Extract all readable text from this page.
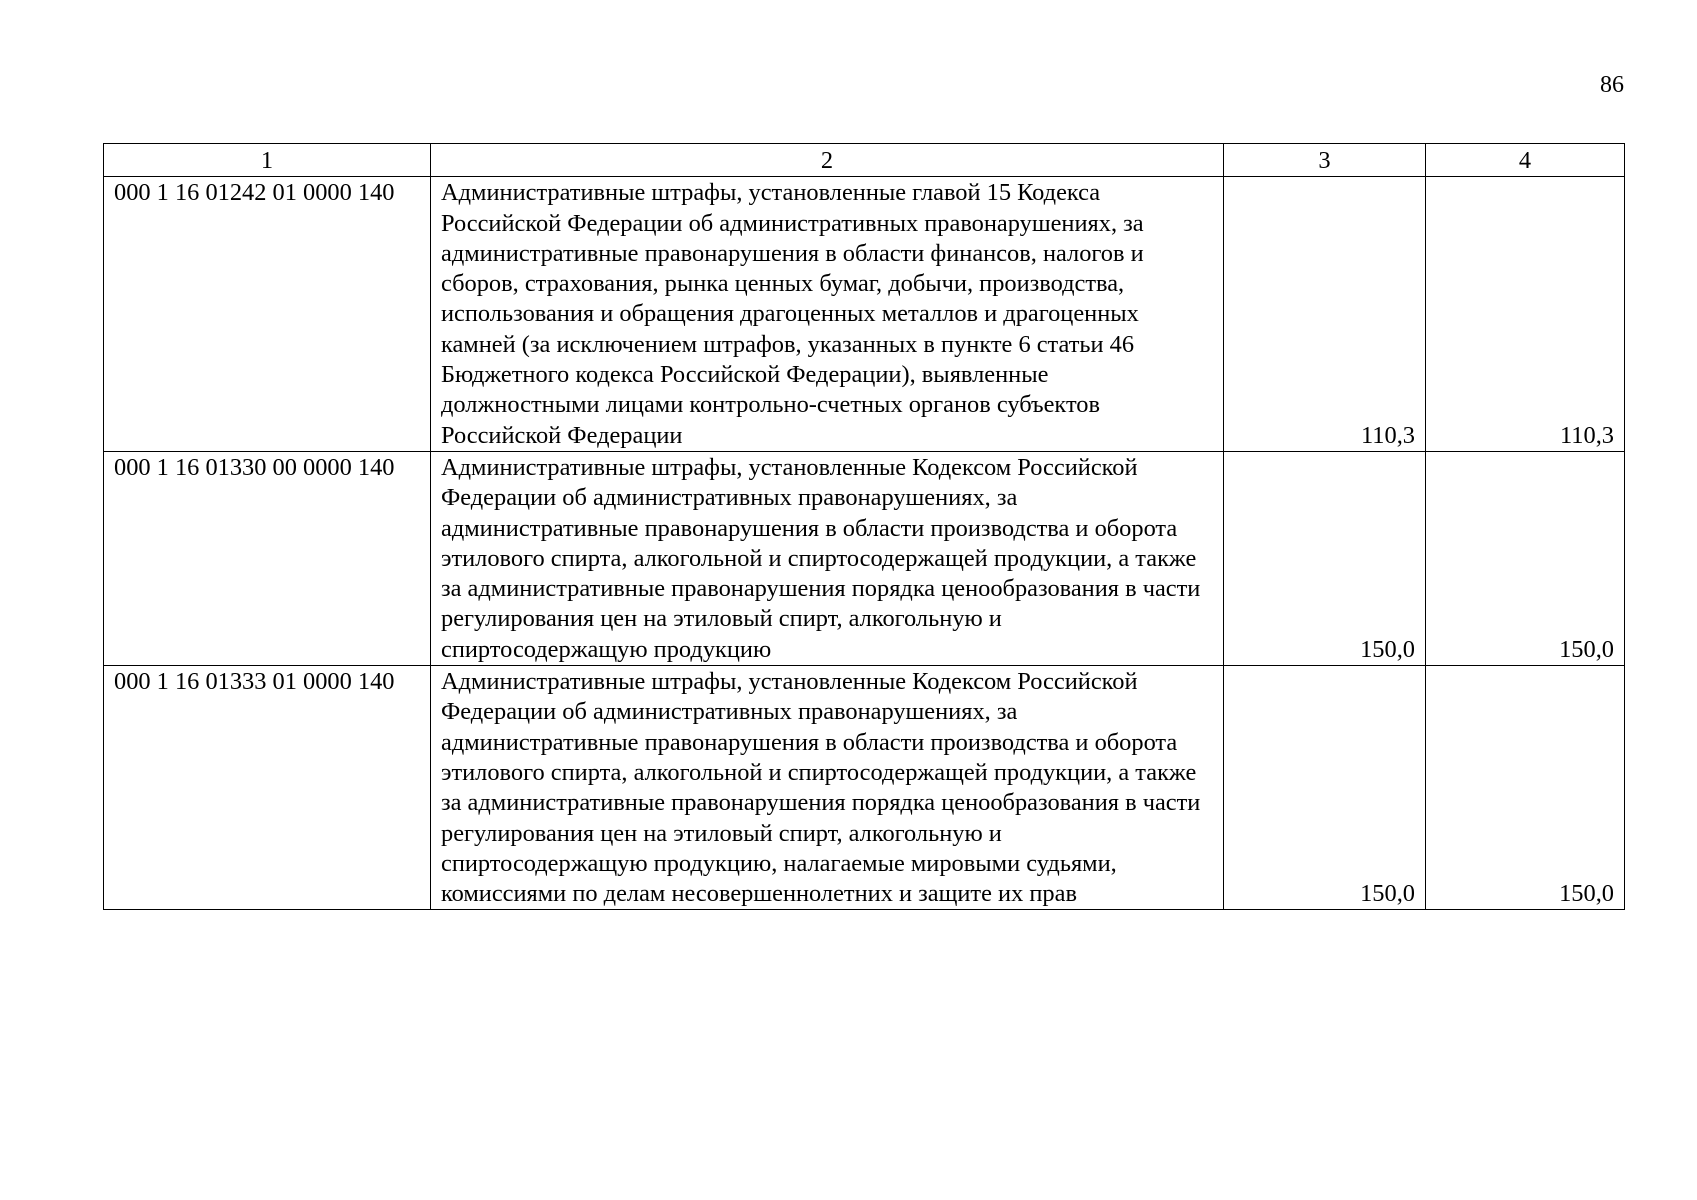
86
1	2	3	4
000 1 16 01242 01 0000 140	Административные штрафы, установленные главой 15 Кодекса Российской Федерации об административных правонарушениях, за административные правонарушения в области финансов, налогов и сборов, страхования, рынка ценных бумаг, добычи, производства, использования и обращения драгоценных металлов и драгоценных камней (за исключением штрафов, указанных в пункте 6 статьи 46 Бюджетного кодекса Российской Федерации), выявленные должностными лицами контрольно-счетных органов субъектов Российской Федерации	110,3	110,3
000 1 16 01330 00 0000 140	Административные штрафы, установленные Кодексом Российской Федерации об административных правонарушениях, за административные правонарушения в области производства и оборота этилового спирта, алкогольной и спиртосодержащей продукции, а также за административные правонарушения порядка ценообразования в части регулирования цен на этиловый спирт, алкогольную и спиртосодержащую продукцию	150,0	150,0
000 1 16 01333 01 0000 140	Административные штрафы, установленные Кодексом Российской Федерации об административных правонарушениях, за административные правонарушения в области производства и оборота этилового спирта, алкогольной и спиртосодержащей продукции, а также за административные правонарушения порядка ценообразования в части регулирования цен на этиловый спирт, алкогольную и спиртосодержащую продукцию, налагаемые мировыми судьями, комиссиями по делам несовершеннолетних и защите их прав	150,0	150,0
